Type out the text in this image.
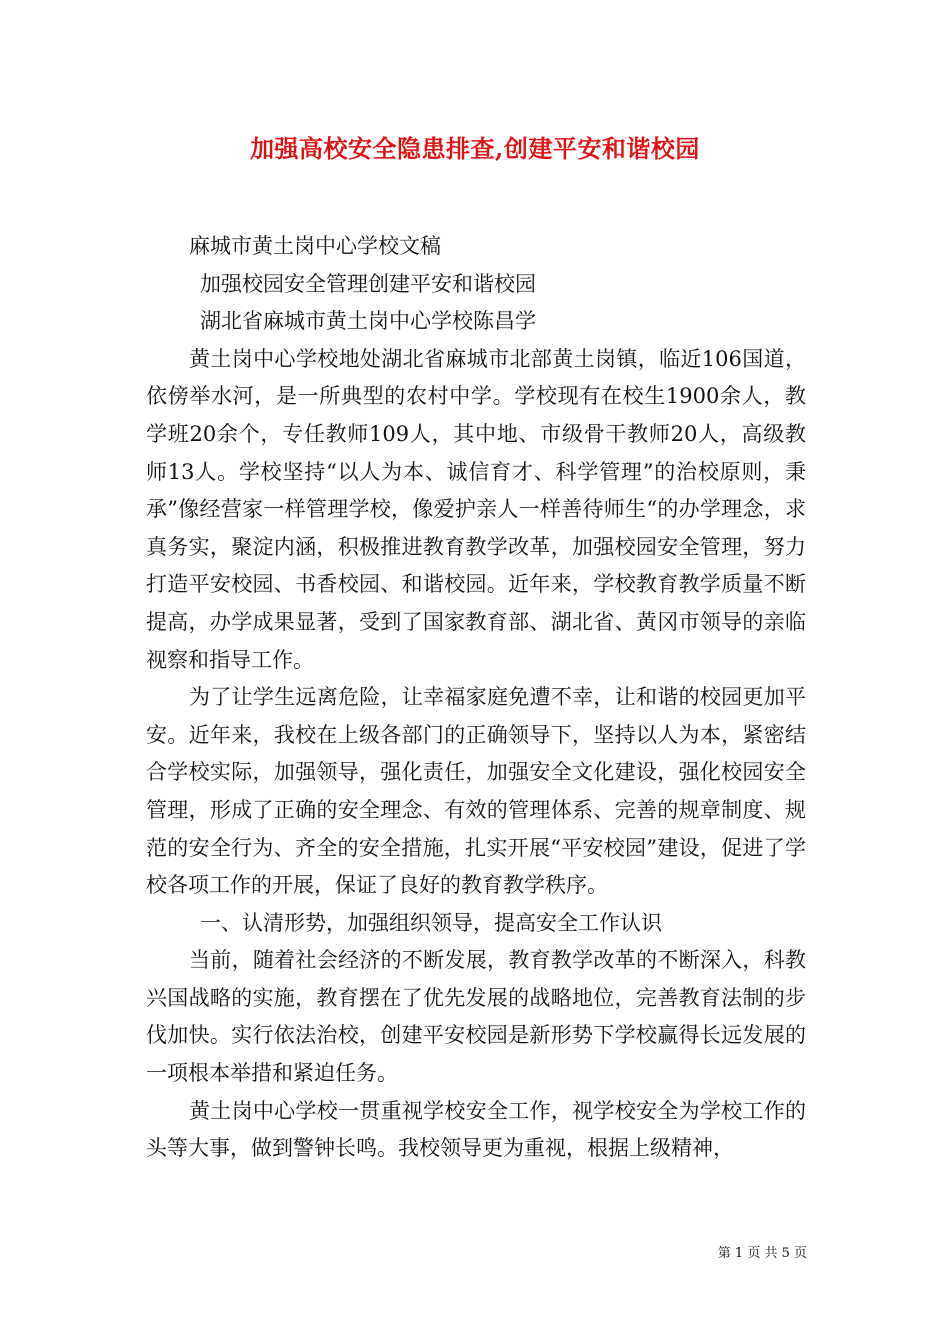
加强高校安全隐患排查,创建平安和谐校园

麻城市黄土岗中心学校文稿

加强校园安全管理创建平安和谐校园

湖北省麻城市黄土岗中心学校陈昌学

黄土岗中心学校地处湖北省麻城市北部黄土岗镇，临近106国道，依傍举水河，是一所典型的农村中学。学校现有在校生1900余人，教学班20余个，专任教师109人，其中地、市级骨干教师20人，高级教师13人。学校坚持“以人为本、诚信育才、科学管理”的治校原则，秉承”像经营家一样管理学校，像爱护亲人一样善待师生“的办学理念，求真务实，聚淀内涵，积极推进教育教学改革，加强校园安全管理，努力打造平安校园、书香校园、和谐校园。近年来，学校教育教学质量不断提高，办学成果显著，受到了国家教育部、湖北省、黄冈市领导的亲临视察和指导工作。

为了让学生远离危险，让幸福家庭免遭不幸，让和谐的校园更加平安。近年来，我校在上级各部门的正确领导下，坚持以人为本，紧密结合学校实际，加强领导，强化责任，加强安全文化建设，强化校园安全管理，形成了正确的安全理念、有效的管理体系、完善的规章制度、规范的安全行为、齐全的安全措施，扎实开展“平安校园”建设，促进了学校各项工作的开展，保证了良好的教育教学秩序。

一、认清形势，加强组织领导，提高安全工作认识

当前，随着社会经济的不断发展，教育教学改革的不断深入，科教兴国战略的实施，教育摆在了优先发展的战略地位，完善教育法制的步伐加快。实行依法治校，创建平安校园是新形势下学校赢得长远发展的一项根本举措和紧迫任务。

黄土岗中心学校一贯重视学校安全工作，视学校安全为学校工作的头等大事，做到警钟长鸣。我校领导更为重视，根据上级精神，

第 1 页 共 5 页
